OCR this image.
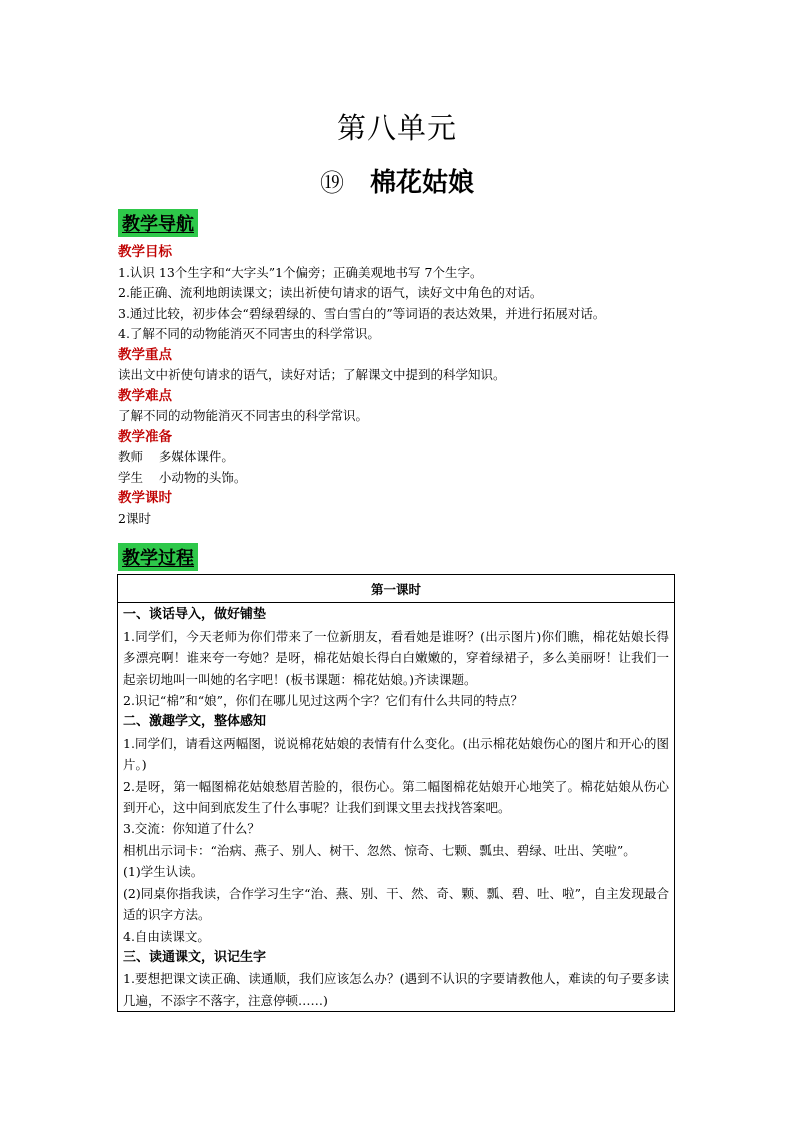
第八单元
⑲ 棉花姑娘
教学导航
教学目标
1.认识 13个生字和“大字头”1个偏旁；正确美观地书写 7个生字。
2.能正确、流利地朗读课文；读出祈使句请求的语气，读好文中角色的对话。
3.通过比较，初步体会“碧绿碧绿的、雪白雪白的”等词语的表达效果，并进行拓展对话。
4.了解不同的动物能消灭不同害虫的科学常识。
教学重点
读出文中祈使句请求的语气，读好对话；了解课文中提到的科学知识。
教学难点
了解不同的动物能消灭不同害虫的科学常识。
教学准备
教师    多媒体课件。
学生    小动物的头饰。
教学课时
2课时
教学过程
第一课时
一、谈话导入，做好铺垫

1.同学们，今天老师为你们带来了一位新朋友，看看她是谁呀？(出示图片)你们瞧，棉花姑娘长得多漂亮啊！谁来夸一夸她？是呀，棉花姑娘长得白白嫩嫩的，穿着绿裙子，多么美丽呀！让我们一起亲切地叫一叫她的名字吧！(板书课题：棉花姑娘。)齐读课题。

2.识记“棉”和“娘”，你们在哪儿见过这两个字？它们有什么共同的特点？

二、激趣学文，整体感知

1.同学们，请看这两幅图，说说棉花姑娘的表情有什么变化。(出示棉花姑娘伤心的图片和开心的图片。)

2.是呀，第一幅图棉花姑娘愁眉苦脸的，很伤心。第二幅图棉花姑娘开心地笑了。棉花姑娘从伤心到开心，这中间到底发生了什么事呢？让我们到课文里去找找答案吧。

3.交流：你知道了什么？

相机出示词卡：“治病、燕子、别人、树干、忽然、惊奇、七颗、瓢虫、碧绿、吐出、笑啦”。

(1)学生认读。

(2)同桌你指我读，合作学习生字“治、燕、别、干、然、奇、颗、瓢、碧、吐、啦”，自主发现最合适的识字方法。

4.自由读课文。

三、读通课文，识记生字

1.要想把课文读正确、读通顺，我们应该怎么办？(遇到不认识的字要请教他人，难读的句子要多读几遍，不添字不落字，注意停顿……)
